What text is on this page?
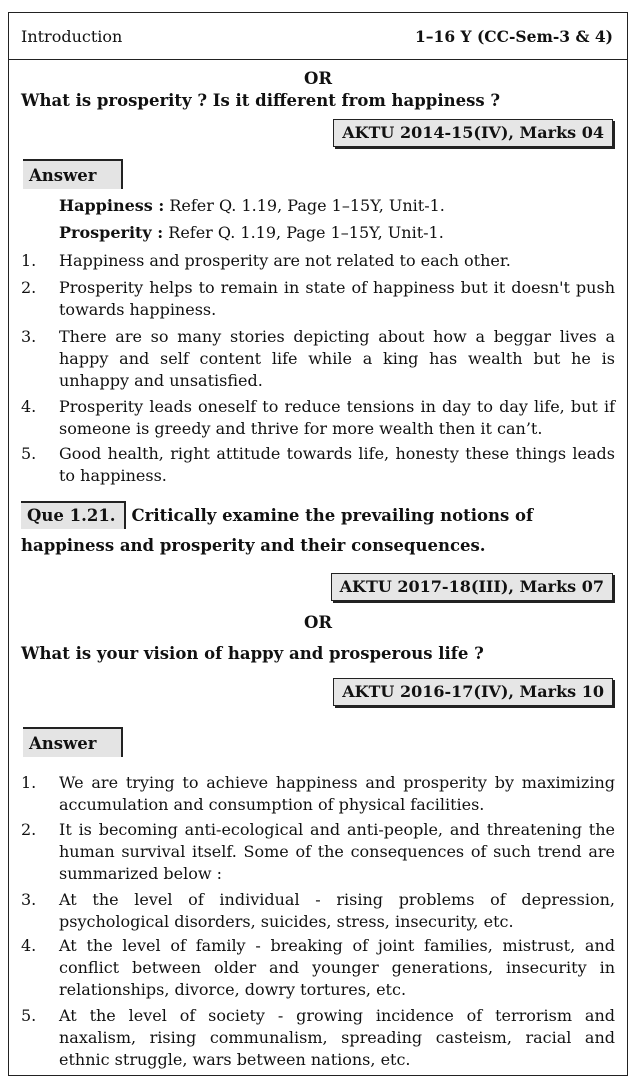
Introduction	1–16 Y (CC-Sem-3 & 4)
OR
What is prosperity ? Is it different from happiness ?
AKTU 2014-15(IV), Marks 04
Answer
Happiness : Refer Q. 1.19, Page 1–15Y, Unit-1.
Prosperity : Refer Q. 1.19, Page 1–15Y, Unit-1.
1. Happiness and prosperity are not related to each other.
2. Prosperity helps to remain in state of happiness but it doesn't push towards happiness.
3. There are so many stories depicting about how a beggar lives a happy and self content life while a king has wealth but he is unhappy and unsatisfied.
4. Prosperity leads oneself to reduce tensions in day to day life, but if someone is greedy and thrive for more wealth then it can’t.
5. Good health, right attitude towards life, honesty these things leads to happiness.
Que 1.21. Critically examine the prevailing notions of happiness and prosperity and their consequences.
AKTU 2017-18(III), Marks 07
OR
What is your vision of happy and prosperous life ?
AKTU 2016-17(IV), Marks 10
Answer
1. We are trying to achieve happiness and prosperity by maximizing accumulation and consumption of physical facilities.
2. It is becoming anti-ecological and anti-people, and threatening the human survival itself. Some of the consequences of such trend are summarized below :
3. At the level of individual - rising problems of depression, psychological disorders, suicides, stress, insecurity, etc.
4. At the level of family - breaking of joint families, mistrust, and conflict between older and younger generations, insecurity in relationships, divorce, dowry tortures, etc.
5. At the level of society - growing incidence of terrorism and naxalism, rising communalism, spreading casteism, racial and ethnic struggle, wars between nations, etc.
